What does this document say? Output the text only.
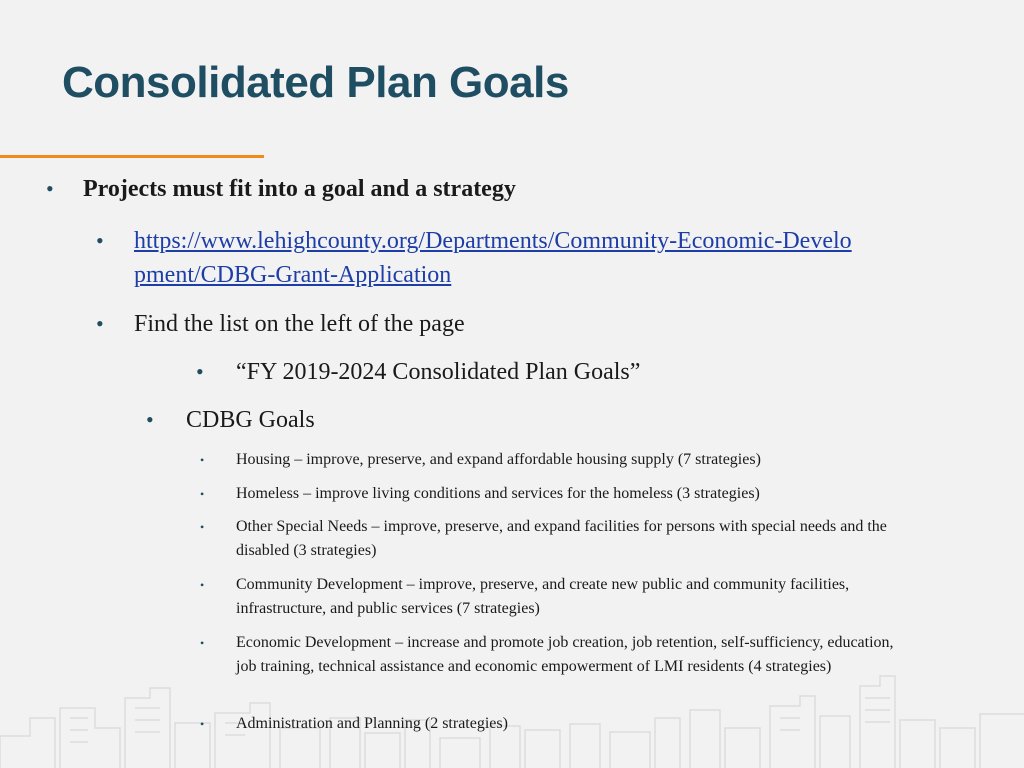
Consolidated Plan Goals
•	Projects must fit into a goal and a strategy
•	https://www.lehighcounty.org/Departments/Community-Economic-Development/CDBG-Grant-Application
•	Find the list on the left of the page
•	“FY 2019-2024 Consolidated Plan Goals”
•	CDBG Goals
•	Housing – improve, preserve, and expand affordable housing supply (7 strategies)
•	Homeless – improve living conditions and services for the homeless (3 strategies)
•	Other Special Needs – improve, preserve, and expand facilities for persons with special needs and the disabled (3 strategies)
•	Community Development – improve, preserve, and create new public and community facilities, infrastructure, and public services (7 strategies)
•	Economic Development – increase and promote job creation, job retention, self-sufficiency, education, job training, technical assistance and economic empowerment of LMI residents (4 strategies)
•	Administration and Planning (2 strategies)
